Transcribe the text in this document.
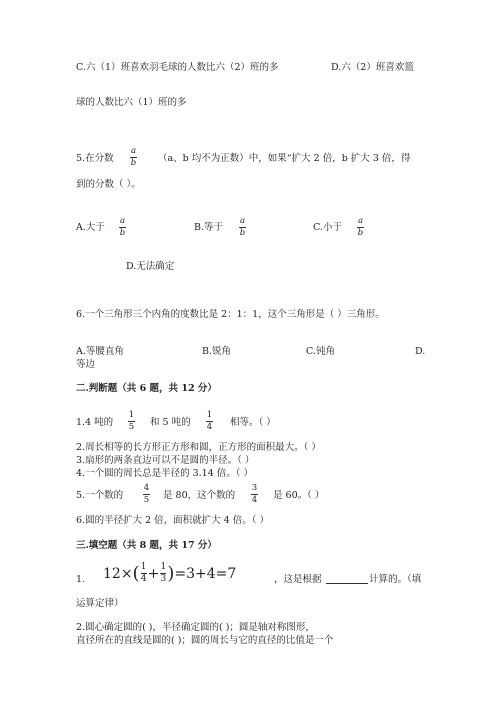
C.六（1）班喜欢羽毛球的人数比六（2）班的多	D.六（2）班喜欢篮
球的人数比六（1）班的多
5.在分数
a
b （a、b 均不为正数）中，如果“扩大 2 倍，b 扩大 3 倍，得
到的分数（ ）。
A.大于
a
b	B.等于
a
b	C.小于
a
b
D.无法确定
6.一个三角形三个内角的度数比是 2：1：1，这个三角形是（ ）三角形。
A.等腰直角	B.锐角	C.钝角	D.
等边
二.判断题（共 6 题，共 12 分）
1.4 吨的
1
5 和 5 吨的
1
4 相等。（ ）
2.周长相等的长方形正方形和圆，正方形的面积最大。（ ）
3.扇形的两条直边可以不是圆的半径。（ ）
4.一个圆的周长总是半径的 3.14 倍。（ ）
5.一个数的
4
5 是 80，这个数的
3
4 是 60。（ ）
6.圆的半径扩大 2 倍，面积就扩大 4 倍。（ ）
三.填空题（共 8 题，共 17 分）
1. 12× ( 1
4 + 1
3 ) =3+4=7	，这是根据	计算的。（填
运算定律）
2.圆心确定圆的( )，半径确定圆的( )；圆是轴对称图形，
直径所在的直线是圆的( )；圆的周长与它的直径的比值是一个
